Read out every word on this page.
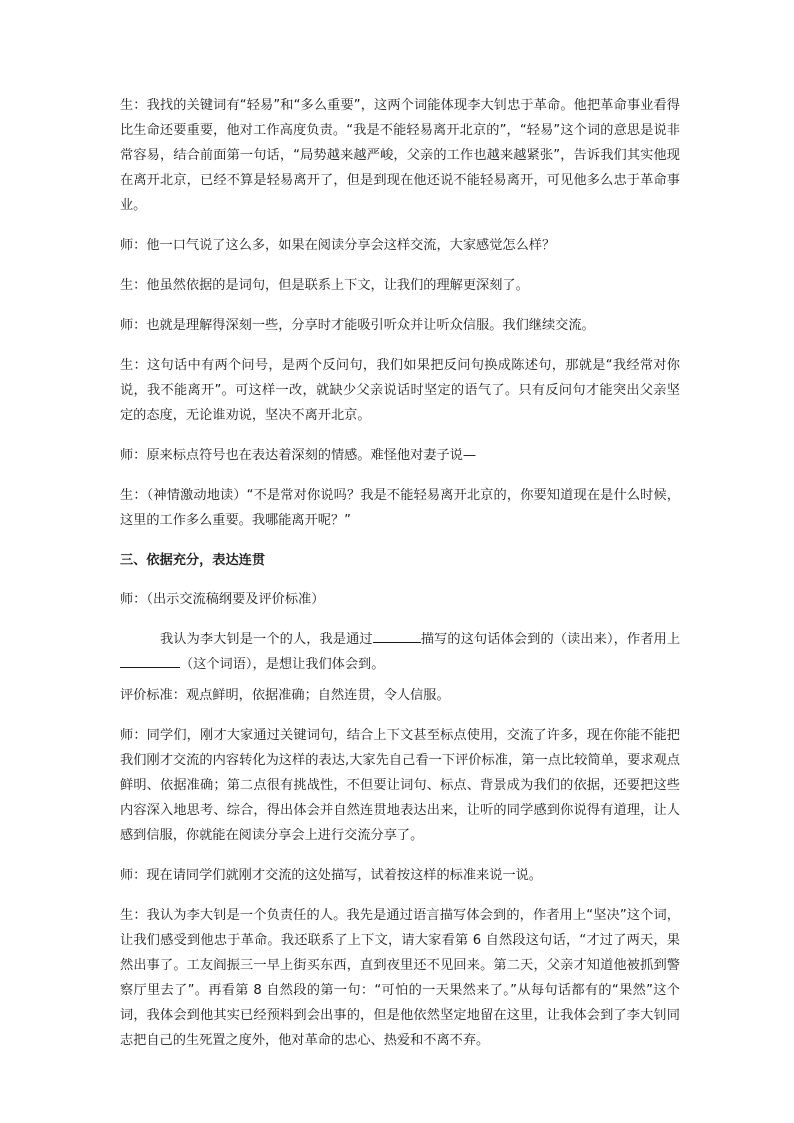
生：我找的关键词有“轻易”和“多么重要”，这两个词能体现李大钊忠于革命。他把革命事业看得比生命还要重要，他对工作高度负责。“我是不能轻易离开北京的”，“轻易”这个词的意思是说非常容易，结合前面第一句话，“局势越来越严峻，父亲的工作也越来越紧张”，告诉我们其实他现在离开北京，已经不算是轻易离开了，但是到现在他还说不能轻易离开，可见他多么忠于革命事业。

师：他一口气说了这么多，如果在阅读分享会这样交流，大家感觉怎么样？

生：他虽然依据的是词句，但是联系上下文，让我们的理解更深刻了。

师：也就是理解得深刻一些，分享时才能吸引听众并让听众信服。我们继续交流。

生：这句话中有两个问号，是两个反问句，我们如果把反问句换成陈述句，那就是“我经常对你说，我不能离开”。可这样一改，就缺少父亲说话时坚定的语气了。只有反问句才能突出父亲坚定的态度，无论谁劝说，坚决不离开北京。

师：原来标点符号也在表达着深刻的情感。难怪他对妻子说—

生：（神情激动地读）“不是常对你说吗？我是不能轻易离开北京的，你要知道现在是什么时候，这里的工作多么重要。我哪能离开呢？”

三、依据充分，表达连贯

师：（出示交流稿纲要及评价标准）

我认为李大钊是一个的人，我是通过	描写的这句话体会到的（读出来），作者用上（这个词语），是想让我们体会到。

评价标准：观点鲜明，依据准确；自然连贯，令人信服。

师：同学们，刚才大家通过关键词句，结合上下文甚至标点使用，交流了许多，现在你能不能把我们刚才交流的内容转化为这样的表达,大家先自己看一下评价标准，第一点比较简单，要求观点鲜明、依据准确；第二点很有挑战性，不但要让词句、标点、背景成为我们的依据，还要把这些内容深入地思考、综合，得出体会并自然连贯地表达出来，让听的同学感到你说得有道理，让人感到信服，你就能在阅读分享会上进行交流分享了。

师：现在请同学们就刚才交流的这处描写，试着按这样的标准来说一说。

生：我认为李大钊是一个负责任的人。我先是通过语言描写体会到的，作者用上“坚决”这个词，让我们感受到他忠于革命。我还联系了上下文，请大家看第 6 自然段这句话，“才过了两天，果然出事了。工友阎振三一早上街买东西，直到夜里还不见回来。第二天，父亲才知道他被抓到警察厅里去了”。再看第 8 自然段的第一句：“可怕的一天果然来了。”从每句话都有的“果然”这个词，我体会到他其实已经预料到会出事的，但是他依然坚定地留在这里，让我体会到了李大钊同志把自己的生死置之度外，他对革命的忠心、热爱和不离不弃。
